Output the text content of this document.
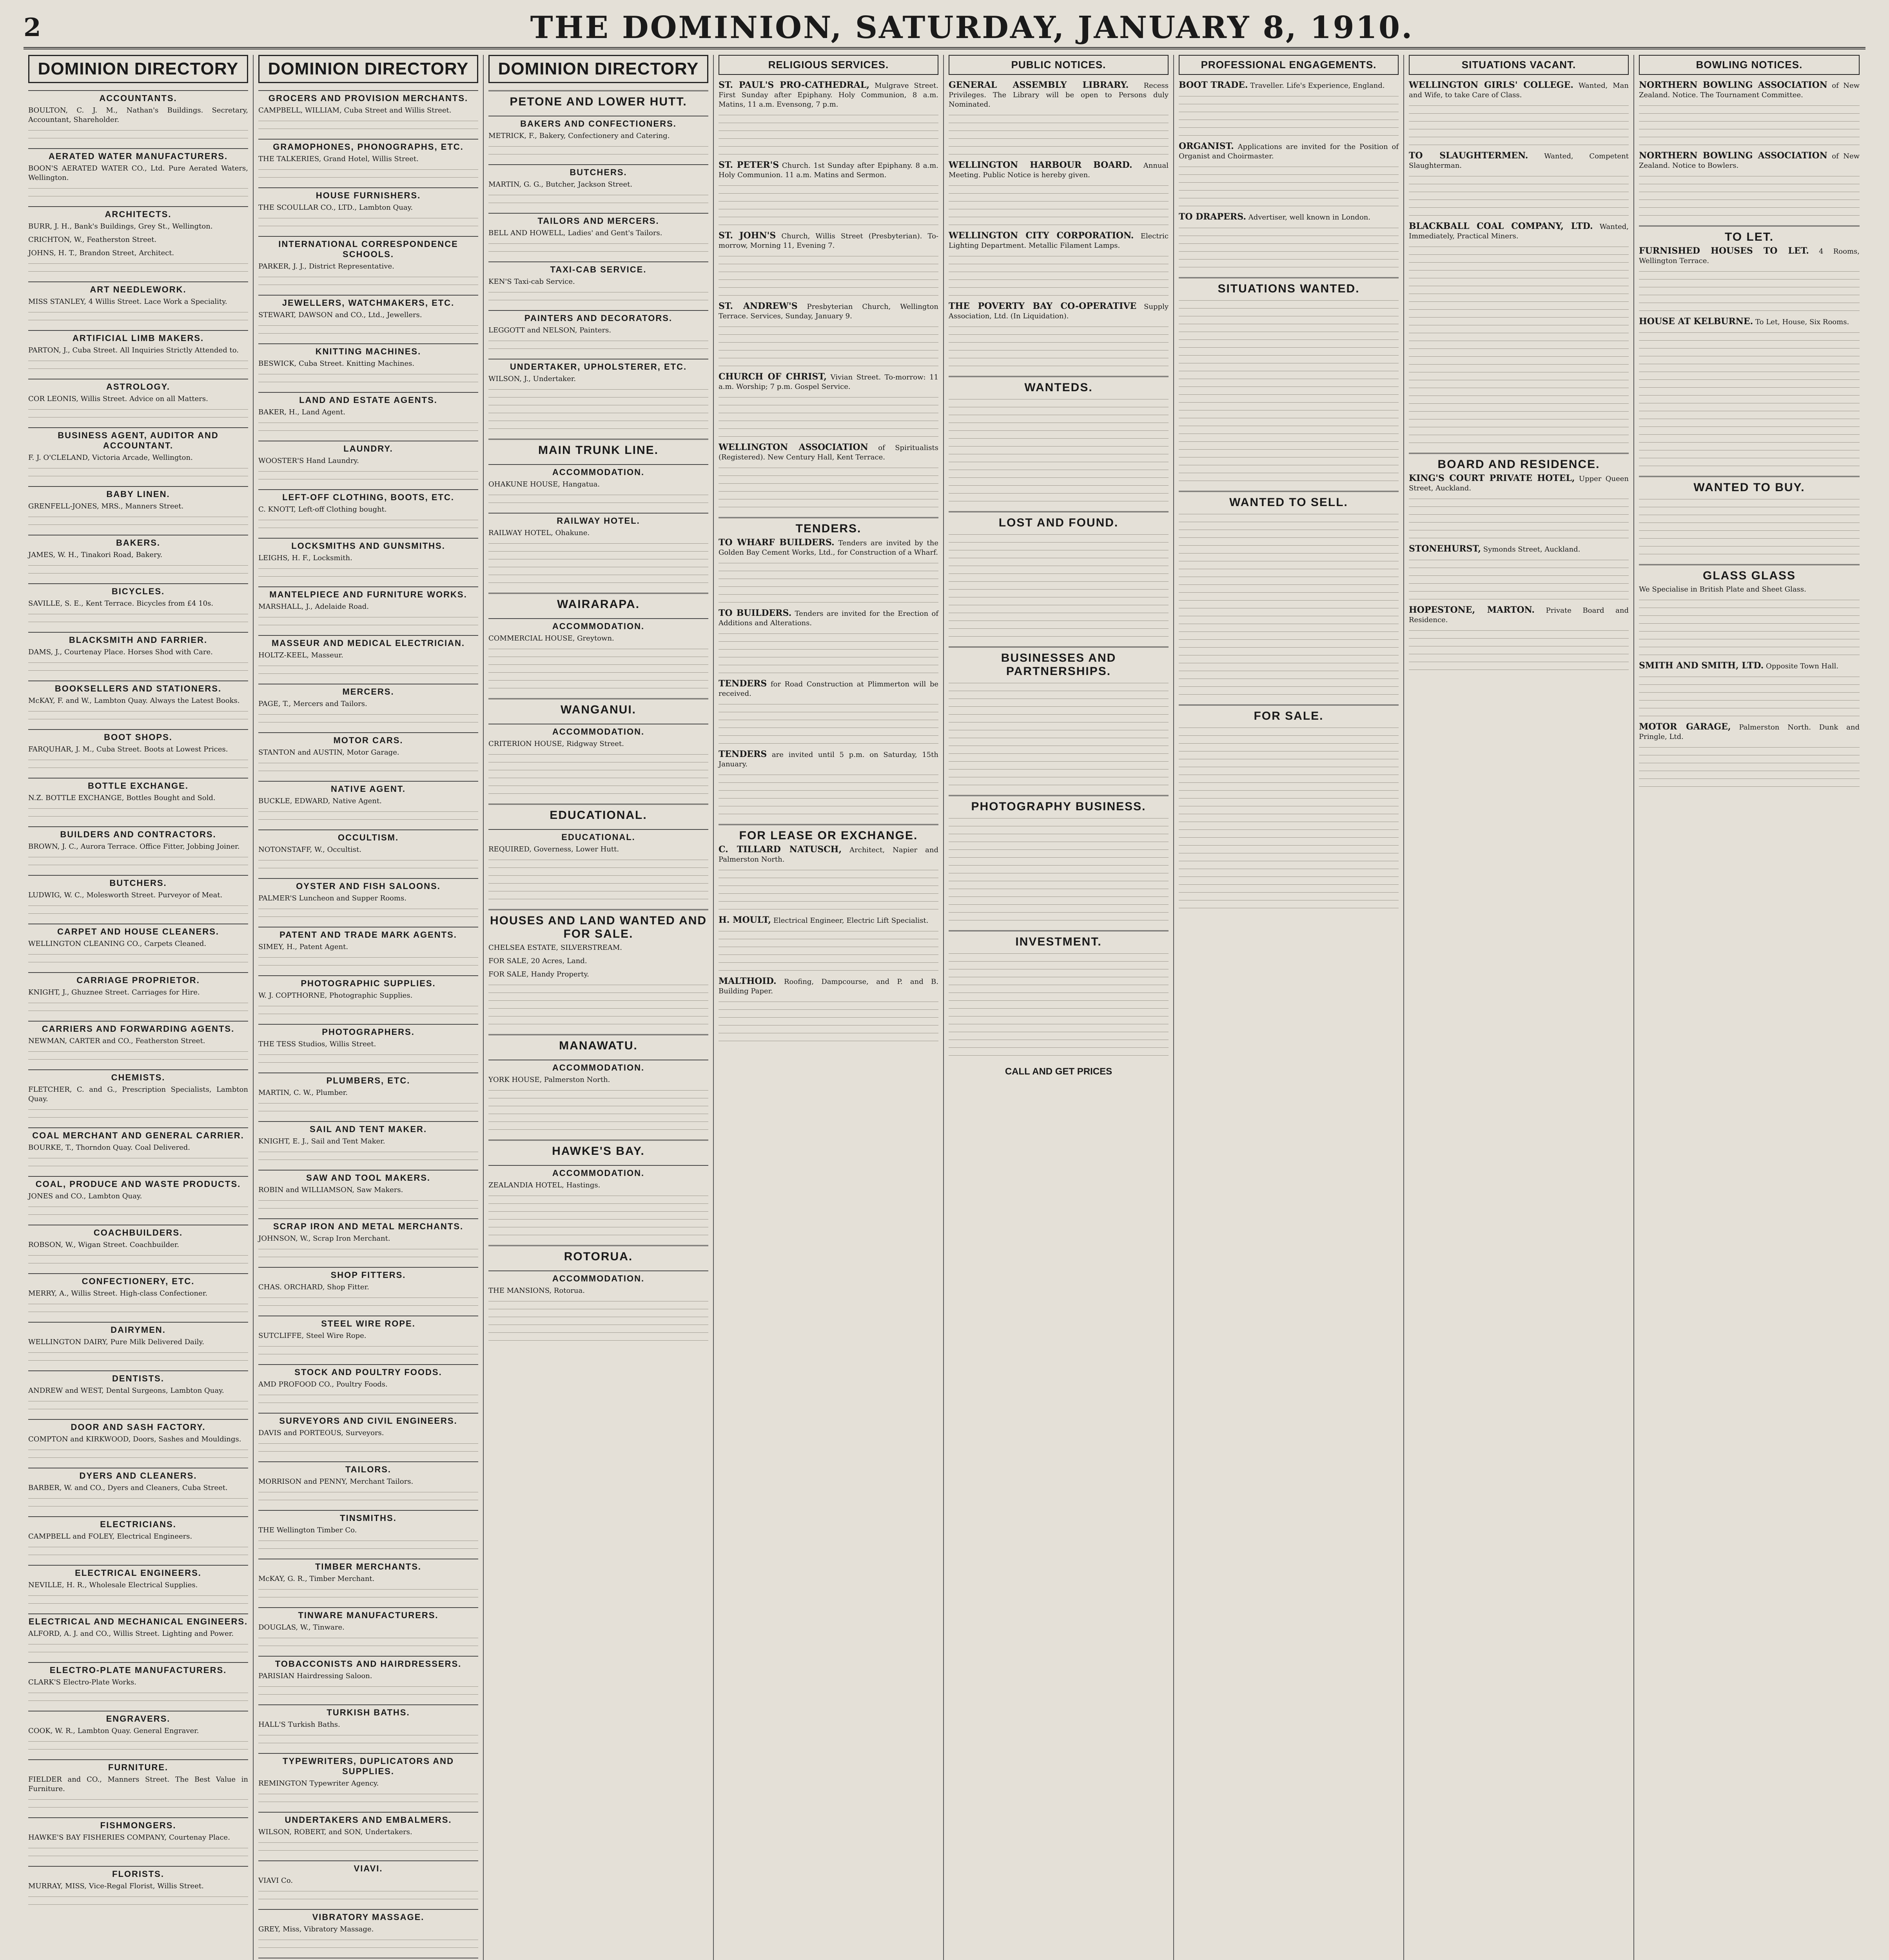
2	THE DOMINION, SATURDAY, JANUARY 8, 1910.
DOMINION DIRECTORY
ACCOUNTANTS.

BOULTON, C. J. M., Nathan's Buildings. Secretary, Accountant, Shareholder.

AERATED WATER MANUFACTURERS.

BOON'S AERATED WATER CO., Ltd. Pure Aerated Waters, Wellington.

ARCHITECTS.

BURR, J. H., Bank's Buildings, Grey St., Wellington.

CRICHTON, W., Featherston Street.

JOHNS, H. T., Brandon Street, Architect.

ART NEEDLEWORK.

MISS STANLEY, 4 Willis Street. Lace Work a Speciality.

ARTIFICIAL LIMB MAKERS.

PARTON, J., Cuba Street. All Inquiries Strictly Attended to.

ASTROLOGY.

COR LEONIS, Willis Street. Advice on all Matters.

BUSINESS AGENT, AUDITOR AND ACCOUNTANT.

F. J. O'CLELAND, Victoria Arcade, Wellington.

BABY LINEN.

GRENFELL-JONES, MRS., Manners Street.

BAKERS.

JAMES, W. H., Tinakori Road, Bakery.

BICYCLES.

SAVILLE, S. E., Kent Terrace. Bicycles from £4 10s.

BLACKSMITH AND FARRIER.

DAMS, J., Courtenay Place. Horses Shod with Care.

BOOKSELLERS AND STATIONERS.

McKAY, F. and W., Lambton Quay. Always the Latest Books.

BOOT SHOPS.

FARQUHAR, J. M., Cuba Street. Boots at Lowest Prices.

BOTTLE EXCHANGE.

N.Z. BOTTLE EXCHANGE, Bottles Bought and Sold.

BUILDERS AND CONTRACTORS.

BROWN, J. C., Aurora Terrace. Office Fitter, Jobbing Joiner.

BUTCHERS.

LUDWIG, W. C., Molesworth Street. Purveyor of Meat.

CARPET AND HOUSE CLEANERS.

WELLINGTON CLEANING CO., Carpets Cleaned.

CARRIAGE PROPRIETOR.

KNIGHT, J., Ghuznee Street. Carriages for Hire.

CARRIERS AND FORWARDING AGENTS.

NEWMAN, CARTER and CO., Featherston Street.

CHEMISTS.

FLETCHER, C. and G., Prescription Specialists, Lambton Quay.

COAL MERCHANT AND GENERAL CARRIER.

BOURKE, T., Thorndon Quay. Coal Delivered.

COAL, PRODUCE AND WASTE PRODUCTS.

JONES and CO., Lambton Quay.

COACHBUILDERS.

ROBSON, W., Wigan Street. Coachbuilder.

CONFECTIONERY, ETC.

MERRY, A., Willis Street. High-class Confectioner.

DAIRYMEN.

WELLINGTON DAIRY, Pure Milk Delivered Daily.

DENTISTS.

ANDREW and WEST, Dental Surgeons, Lambton Quay.

DOOR AND SASH FACTORY.

COMPTON and KIRKWOOD, Doors, Sashes and Mouldings.

DYERS AND CLEANERS.

BARBER, W. and CO., Dyers and Cleaners, Cuba Street.

ELECTRICIANS.

CAMPBELL and FOLEY, Electrical Engineers.

ELECTRICAL ENGINEERS.

NEVILLE, H. R., Wholesale Electrical Supplies.

ELECTRICAL AND MECHANICAL ENGINEERS.

ALFORD, A. J. and CO., Willis Street. Lighting and Power.

ELECTRO-PLATE MANUFACTURERS.

CLARK'S Electro-Plate Works.

ENGRAVERS.

COOK, W. R., Lambton Quay. General Engraver.

FURNITURE.

FIELDER and CO., Manners Street. The Best Value in Furniture.

FISHMONGERS.

HAWKE'S BAY FISHERIES COMPANY, Courtenay Place.

FLORISTS.

MURRAY, MISS, Vice-Regal Florist, Willis Street.

DOMINION DIRECTORY
GROCERS AND PROVISION MERCHANTS.

CAMPBELL, WILLIAM, Cuba Street and Willis Street.

GRAMOPHONES, PHONOGRAPHS, ETC.

THE TALKERIES, Grand Hotel, Willis Street.

HOUSE FURNISHERS.

THE SCOULLAR CO., LTD., Lambton Quay.

INTERNATIONAL CORRESPONDENCE SCHOOLS.

PARKER, J. J., District Representative.

JEWELLERS, WATCHMAKERS, ETC.

STEWART, DAWSON and CO., Ltd., Jewellers.

KNITTING MACHINES.

BESWICK, Cuba Street. Knitting Machines.

LAND AND ESTATE AGENTS.

BAKER, H., Land Agent.

LAUNDRY.

WOOSTER'S Hand Laundry.

LEFT-OFF CLOTHING, BOOTS, ETC.

C. KNOTT, Left-off Clothing bought.

LOCKSMITHS AND GUNSMITHS.

LEIGHS, H. F., Locksmith.

MANTELPIECE AND FURNITURE WORKS.

MARSHALL, J., Adelaide Road.

MASSEUR AND MEDICAL ELECTRICIAN.

HOLTZ-KEEL, Masseur.

MERCERS.

PAGE, T., Mercers and Tailors.

MOTOR CARS.

STANTON and AUSTIN, Motor Garage.

NATIVE AGENT.

BUCKLE, EDWARD, Native Agent.

OCCULTISM.

NOTONSTAFF, W., Occultist.

OYSTER AND FISH SALOONS.

PALMER'S Luncheon and Supper Rooms.

PATENT AND TRADE MARK AGENTS.

SIMEY, H., Patent Agent.

PHOTOGRAPHIC SUPPLIES.

W. J. COPTHORNE, Photographic Supplies.

PHOTOGRAPHERS.

THE TESS Studios, Willis Street.

PLUMBERS, ETC.

MARTIN, C. W., Plumber.

SAIL AND TENT MAKER.

KNIGHT, E. J., Sail and Tent Maker.

SAW AND TOOL MAKERS.

ROBIN and WILLIAMSON, Saw Makers.

SCRAP IRON AND METAL MERCHANTS.

JOHNSON, W., Scrap Iron Merchant.

SHOP FITTERS.

CHAS. ORCHARD, Shop Fitter.

STEEL WIRE ROPE.

SUTCLIFFE, Steel Wire Rope.

STOCK AND POULTRY FOODS.

AMD PROFOOD CO., Poultry Foods.

SURVEYORS AND CIVIL ENGINEERS.

DAVIS and PORTEOUS, Surveyors.

TAILORS.

MORRISON and PENNY, Merchant Tailors.

TINSMITHS.

THE Wellington Timber Co.

TIMBER MERCHANTS.

McKAY, G. R., Timber Merchant.

TINWARE MANUFACTURERS.

DOUGLAS, W., Tinware.

TOBACCONISTS AND HAIRDRESSERS.

PARISIAN Hairdressing Saloon.

TURKISH BATHS.

HALL'S Turkish Baths.

TYPEWRITERS, DUPLICATORS AND SUPPLIES.

REMINGTON Typewriter Agency.

UNDERTAKERS AND EMBALMERS.

WILSON, ROBERT, and SON, Undertakers.

VIAVI.

VIAVI Co.

VIBRATORY MASSAGE.

GREY, Miss, Vibratory Massage.

DOMINION DIRECTORY
PETONE AND LOWER HUTT.
BAKERS AND CONFECTIONERS.

METRICK, F., Bakery, Confectionery and Catering.

BUTCHERS.

MARTIN, G. G., Butcher, Jackson Street.

TAILORS AND MERCERS.

BELL AND HOWELL, Ladies' and Gent's Tailors.

TAXI-CAB SERVICE.

KEN'S Taxi-cab Service.

PAINTERS AND DECORATORS.

LEGGOTT and NELSON, Painters.

UNDERTAKER, UPHOLSTERER, ETC.

WILSON, J., Undertaker.

MAIN TRUNK LINE.
ACCOMMODATION.

OHAKUNE HOUSE, Hangatua.

RAILWAY HOTEL.

RAILWAY HOTEL, Ohakune.

WAIRARAPA.
ACCOMMODATION.

COMMERCIAL HOUSE, Greytown.

WANGANUI.
ACCOMMODATION.

CRITERION HOUSE, Ridgway Street.

EDUCATIONAL.
EDUCATIONAL.

REQUIRED, Governess, Lower Hutt.

HOUSES AND LAND WANTED AND FOR SALE.

CHELSEA ESTATE, SILVERSTREAM.

FOR SALE, 20 Acres, Land.

FOR SALE, Handy Property.

MANAWATU.
ACCOMMODATION.

YORK HOUSE, Palmerston North.

HAWKE'S BAY.
ACCOMMODATION.

ZEALANDIA HOTEL, Hastings.

ROTORUA.
ACCOMMODATION.

THE MANSIONS, Rotorua.

RELIGIOUS SERVICES.

ST. PAUL'S PRO-CATHEDRAL, Mulgrave Street. First Sunday after Epiphany. Holy Communion, 8 a.m. Matins, 11 a.m. Evensong, 7 p.m.

ST. PETER'S Church. 1st Sunday after Epiphany. 8 a.m. Holy Communion. 11 a.m. Matins and Sermon.

ST. JOHN'S Church, Willis Street (Presbyterian). To-morrow, Morning 11, Evening 7.

ST. ANDREW'S Presbyterian Church, Wellington Terrace. Services, Sunday, January 9.

CHURCH OF CHRIST, Vivian Street. To-morrow: 11 a.m. Worship; 7 p.m. Gospel Service.

WELLINGTON ASSOCIATION of Spiritualists (Registered). New Century Hall, Kent Terrace.

TENDERS.

TO WHARF BUILDERS. Tenders are invited by the Golden Bay Cement Works, Ltd., for Construction of a Wharf.

TO BUILDERS. Tenders are invited for the Erection of Additions and Alterations.

TENDERS for Road Construction at Plimmerton will be received.

TENDERS are invited until 5 p.m. on Saturday, 15th January.

FOR LEASE OR EXCHANGE.

C. TILLARD NATUSCH, Architect, Napier and Palmerston North.

H. MOULT, Electrical Engineer, Electric Lift Specialist.

MALTHOID. Roofing, Dampcourse, and P. and B. Building Paper.

PUBLIC NOTICES.

GENERAL ASSEMBLY LIBRARY. Recess Privileges. The Library will be open to Persons duly Nominated.

WELLINGTON HARBOUR BOARD. Annual Meeting. Public Notice is hereby given.

WELLINGTON CITY CORPORATION. Electric Lighting Department. Metallic Filament Lamps.

THE POVERTY BAY CO-OPERATIVE Supply Association, Ltd. (In Liquidation).

WANTEDS.
LOST AND FOUND.
BUSINESSES AND PARTNERSHIPS.
PHOTOGRAPHY BUSINESS.
INVESTMENT.
CALL AND GET PRICES
PROFESSIONAL ENGAGEMENTS.

BOOT TRADE. Traveller. Life's Experience, England.

ORGANIST. Applications are invited for the Position of Organist and Choirmaster.

TO DRAPERS. Advertiser, well known in London.

SITUATIONS WANTED.
WANTED TO SELL.
FOR SALE.
SITUATIONS VACANT.

WELLINGTON GIRLS' COLLEGE. Wanted, Man and Wife, to take Care of Class.

TO SLAUGHTERMEN. Wanted, Competent Slaughterman.

BLACKBALL COAL COMPANY, LTD. Wanted, Immediately, Practical Miners.

BOARD AND RESIDENCE.

KING'S COURT PRIVATE HOTEL, Upper Queen Street, Auckland.

STONEHURST, Symonds Street, Auckland.

HOPESTONE, MARTON. Private Board and Residence.

BOWLING NOTICES.

NORTHERN BOWLING ASSOCIATION of New Zealand. Notice. The Tournament Committee.

NORTHERN BOWLING ASSOCIATION of New Zealand. Notice to Bowlers.

TO LET.

FURNISHED HOUSES TO LET. 4 Rooms, Wellington Terrace.

HOUSE AT KELBURNE. To Let, House, Six Rooms.

WANTED TO BUY.
GLASS GLASS

We Specialise in British Plate and Sheet Glass.

SMITH AND SMITH, LTD. Opposite Town Hall.

MOTOR GARAGE, Palmerston North. Dunk and Pringle, Ltd.
